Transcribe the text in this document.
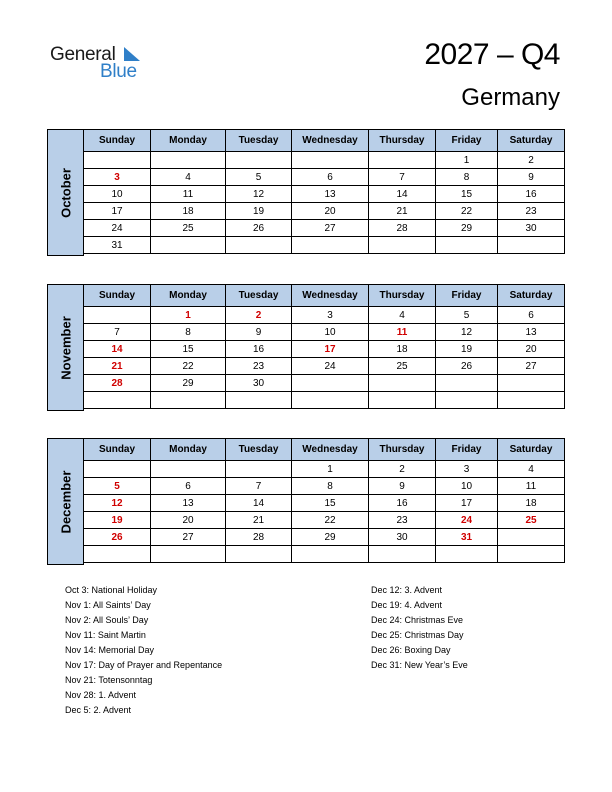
General
Blue
2027 – Q4
Germany
October
Sunday	Monday	Tuesday	Wednesday	Thursday	Friday	Saturday
					1	2
3	4	5	6	7	8	9
10	11	12	13	14	15	16
17	18	19	20	21	22	23
24	25	26	27	28	29	30
31						
November
Sunday	Monday	Tuesday	Wednesday	Thursday	Friday	Saturday
	1	2	3	4	5	6
7	8	9	10	11	12	13
14	15	16	17	18	19	20
21	22	23	24	25	26	27
28	29	30				

December
Sunday	Monday	Tuesday	Wednesday	Thursday	Friday	Saturday
			1	2	3	4
5	6	7	8	9	10	11
12	13	14	15	16	17	18
19	20	21	22	23	24	25
26	27	28	29	30	31	

Oct 3: National Holiday
Nov 1: All Saints’ Day
Nov 2: All Souls’ Day
Nov 11: Saint Martin
Nov 14: Memorial Day
Nov 17: Day of Prayer and Repentance
Nov 21: Totensonntag
Nov 28: 1. Advent
Dec 5: 2. Advent
Dec 12: 3. Advent
Dec 19: 4. Advent
Dec 24: Christmas Eve
Dec 25: Christmas Day
Dec 26: Boxing Day
Dec 31: New Year’s Eve
